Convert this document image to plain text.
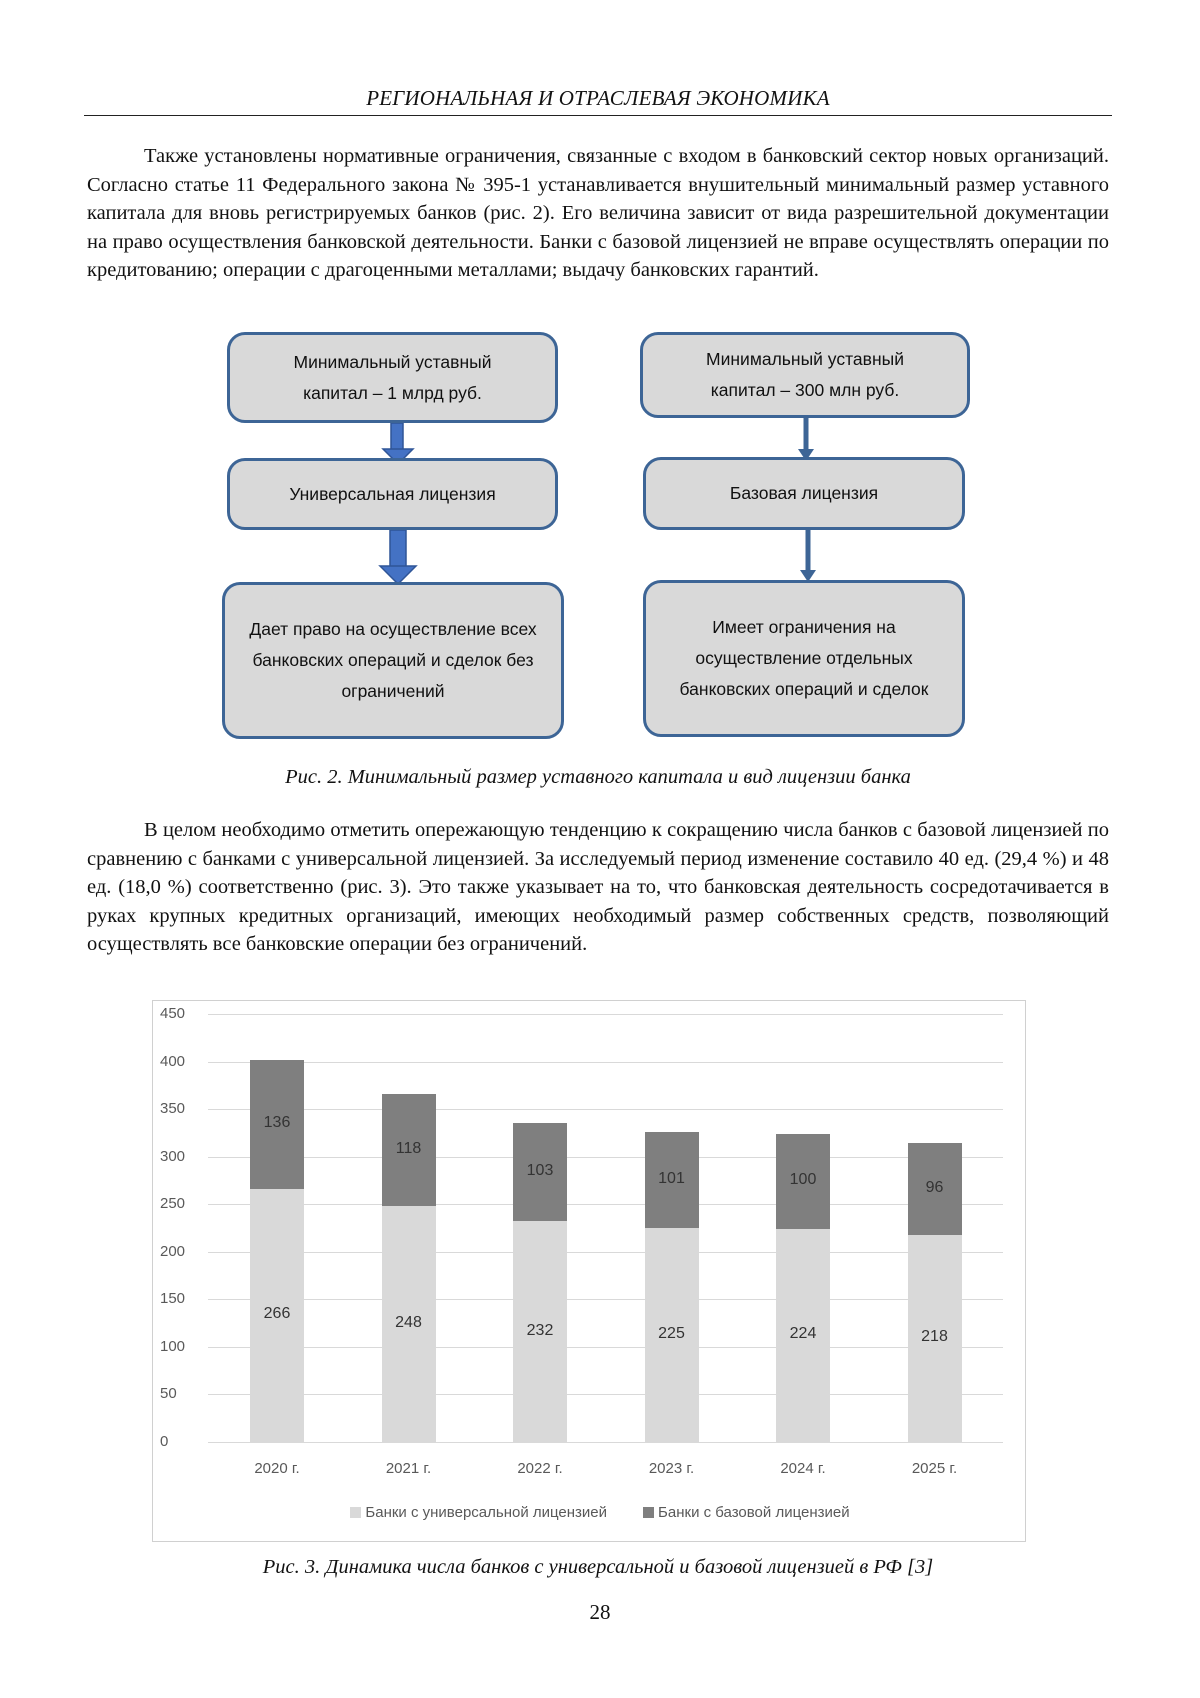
РЕГИОНАЛЬНАЯ И ОТРАСЛЕВАЯ ЭКОНОМИКА
Также установлены нормативные ограничения, связанные с входом в банковский сектор новых организаций. Согласно статье 11 Федерального закона № 395-1 устанавливается внушительный минимальный размер уставного капитала для вновь регистрируемых банков (рис. 2). Его величина зависит от вида разрешительной документации на право осуществления банковской деятельности. Банки с базовой лицензией не вправе осуществлять операции по кредитованию; операции с драгоценными металлами; выдачу банковских гарантий.
Минимальный уставный капитал – 1 млрд руб.
Минимальный уставный капитал – 300 млн руб.
Универсальная лицензия	Базовая лицензия
Дает право на осуществление всех банковских операций и сделок без ограничений
Имеет ограничения на осуществление отдельных банковских операций и сделок
Рис. 2. Минимальный размер уставного капитала и вид лицензии банка
В целом необходимо отметить опережающую тенденцию к сокращению числа банков с базовой лицензией по сравнению с банками с универсальной лицензией. За исследуемый период изменение составило 40 ед. (29,4 %) и 48 ед. (18,0 %) соответственно (рис. 3). Это также указывает на то, что банковская деятельность сосредотачивается в руках крупных кредитных организаций, имеющих необходимый размер собственных средств, позволяющий осуществлять все банковские операции без ограничений.
0
50
100
150
200
250
300
350
400
450
136
266
2020 г.
118
248
2021 г.
103
232
2022 г.
101
225
2023 г.
100
224
2024 г.
96
218
2025 г.
Банки с универсальной лицензией	Банки с базовой лицензией
Рис. 3. Динамика числа банков с универсальной и базовой лицензией в РФ [3]
28
